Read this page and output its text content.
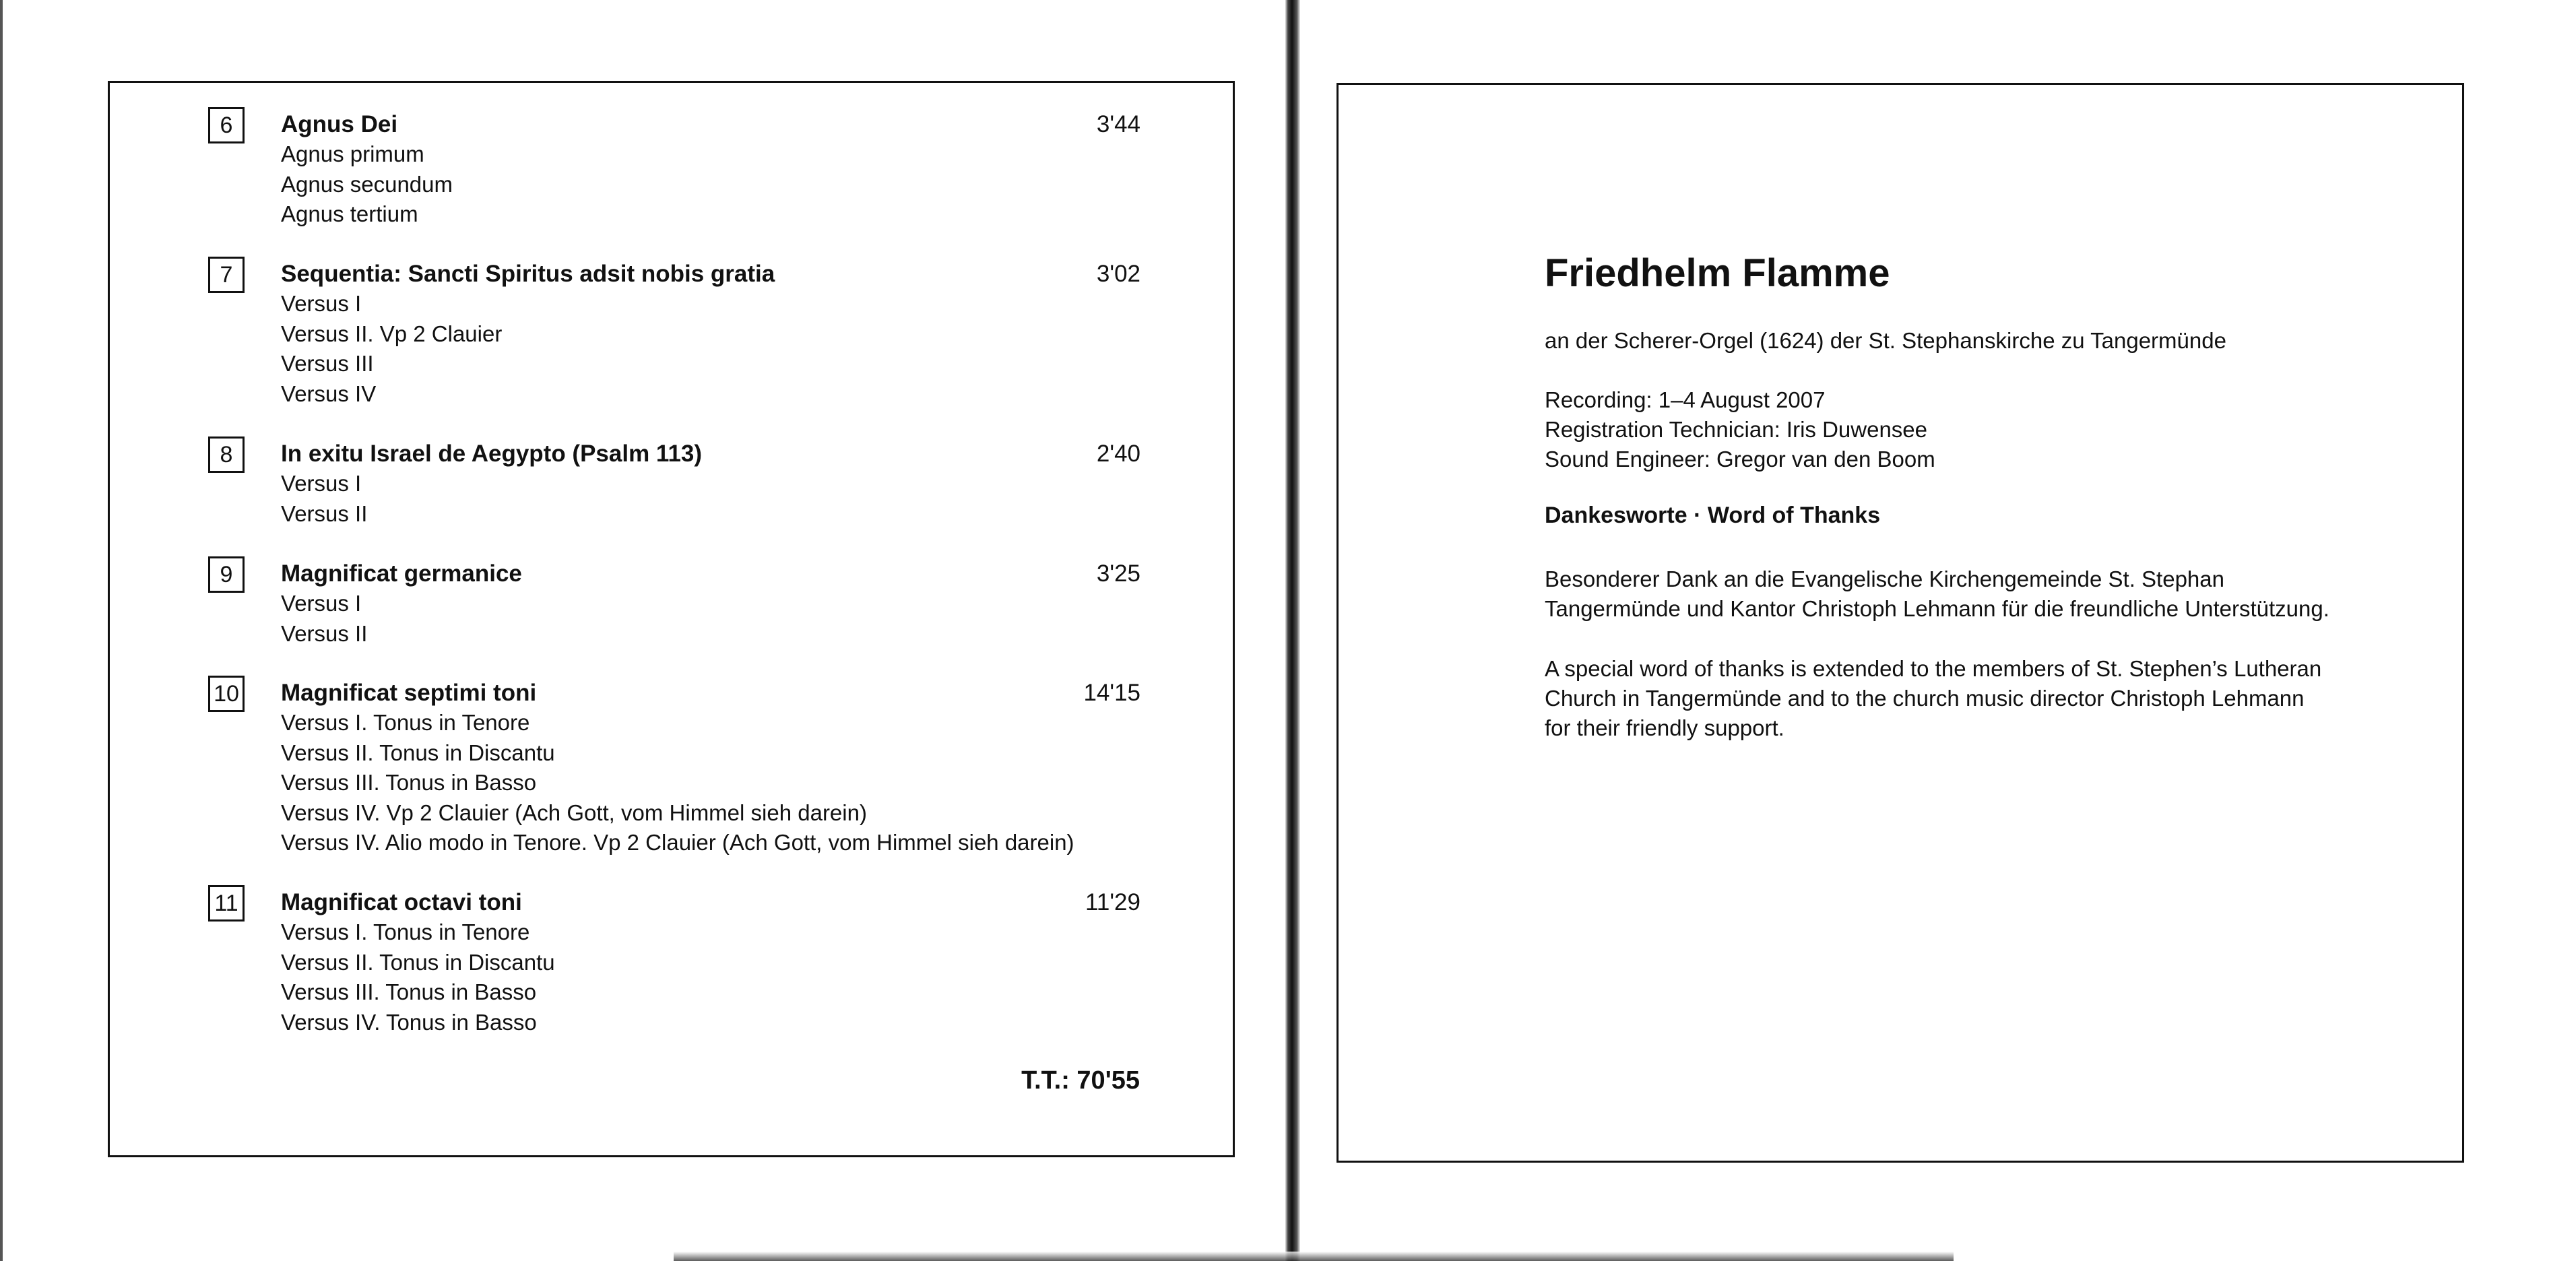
6	Agnus Dei	3'44
Agnus primum
Agnus secundum
Agnus tertium
7	Sequentia: Sancti Spiritus adsit nobis gratia	3'02
Versus I
Versus II. Vp 2 Clauier
Versus III
Versus IV
8	In exitu Israel de Aegypto (Psalm 113)	2'40
Versus I
Versus II
9	Magnificat germanice	3'25
Versus I
Versus II
10 Magnificat septimi toni	14'15
Versus I. Tonus in Tenore
Versus II. Tonus in Discantu
Versus III. Tonus in Basso
Versus IV. Vp 2 Clauier (Ach Gott, vom Himmel sieh darein)
Versus IV. Alio modo in Tenore. Vp 2 Clauier (Ach Gott, vom Himmel sieh darein)
11 Magnificat octavi toni	11'29
Versus I. Tonus in Tenore
Versus II. Tonus in Discantu
Versus III. Tonus in Basso
Versus IV. Tonus in Basso
T.T.: 70'55
Friedhelm Flamme
an der Scherer-Orgel (1624) der St. Stephanskirche zu Tangermünde
Recording: 1–4 August 2007
Registration Technician: Iris Duwensee
Sound Engineer: Gregor van den Boom
Dankesworte · Word of Thanks
Besonderer Dank an die Evangelische Kirchengemeinde St. Stephan
Tangermünde und Kantor Christoph Lehmann für die freundliche Unterstützung.
A special word of thanks is extended to the members of St. Stephen’s Lutheran
Church in Tangermünde and to the church music director Christoph Lehmann
for their friendly support.
